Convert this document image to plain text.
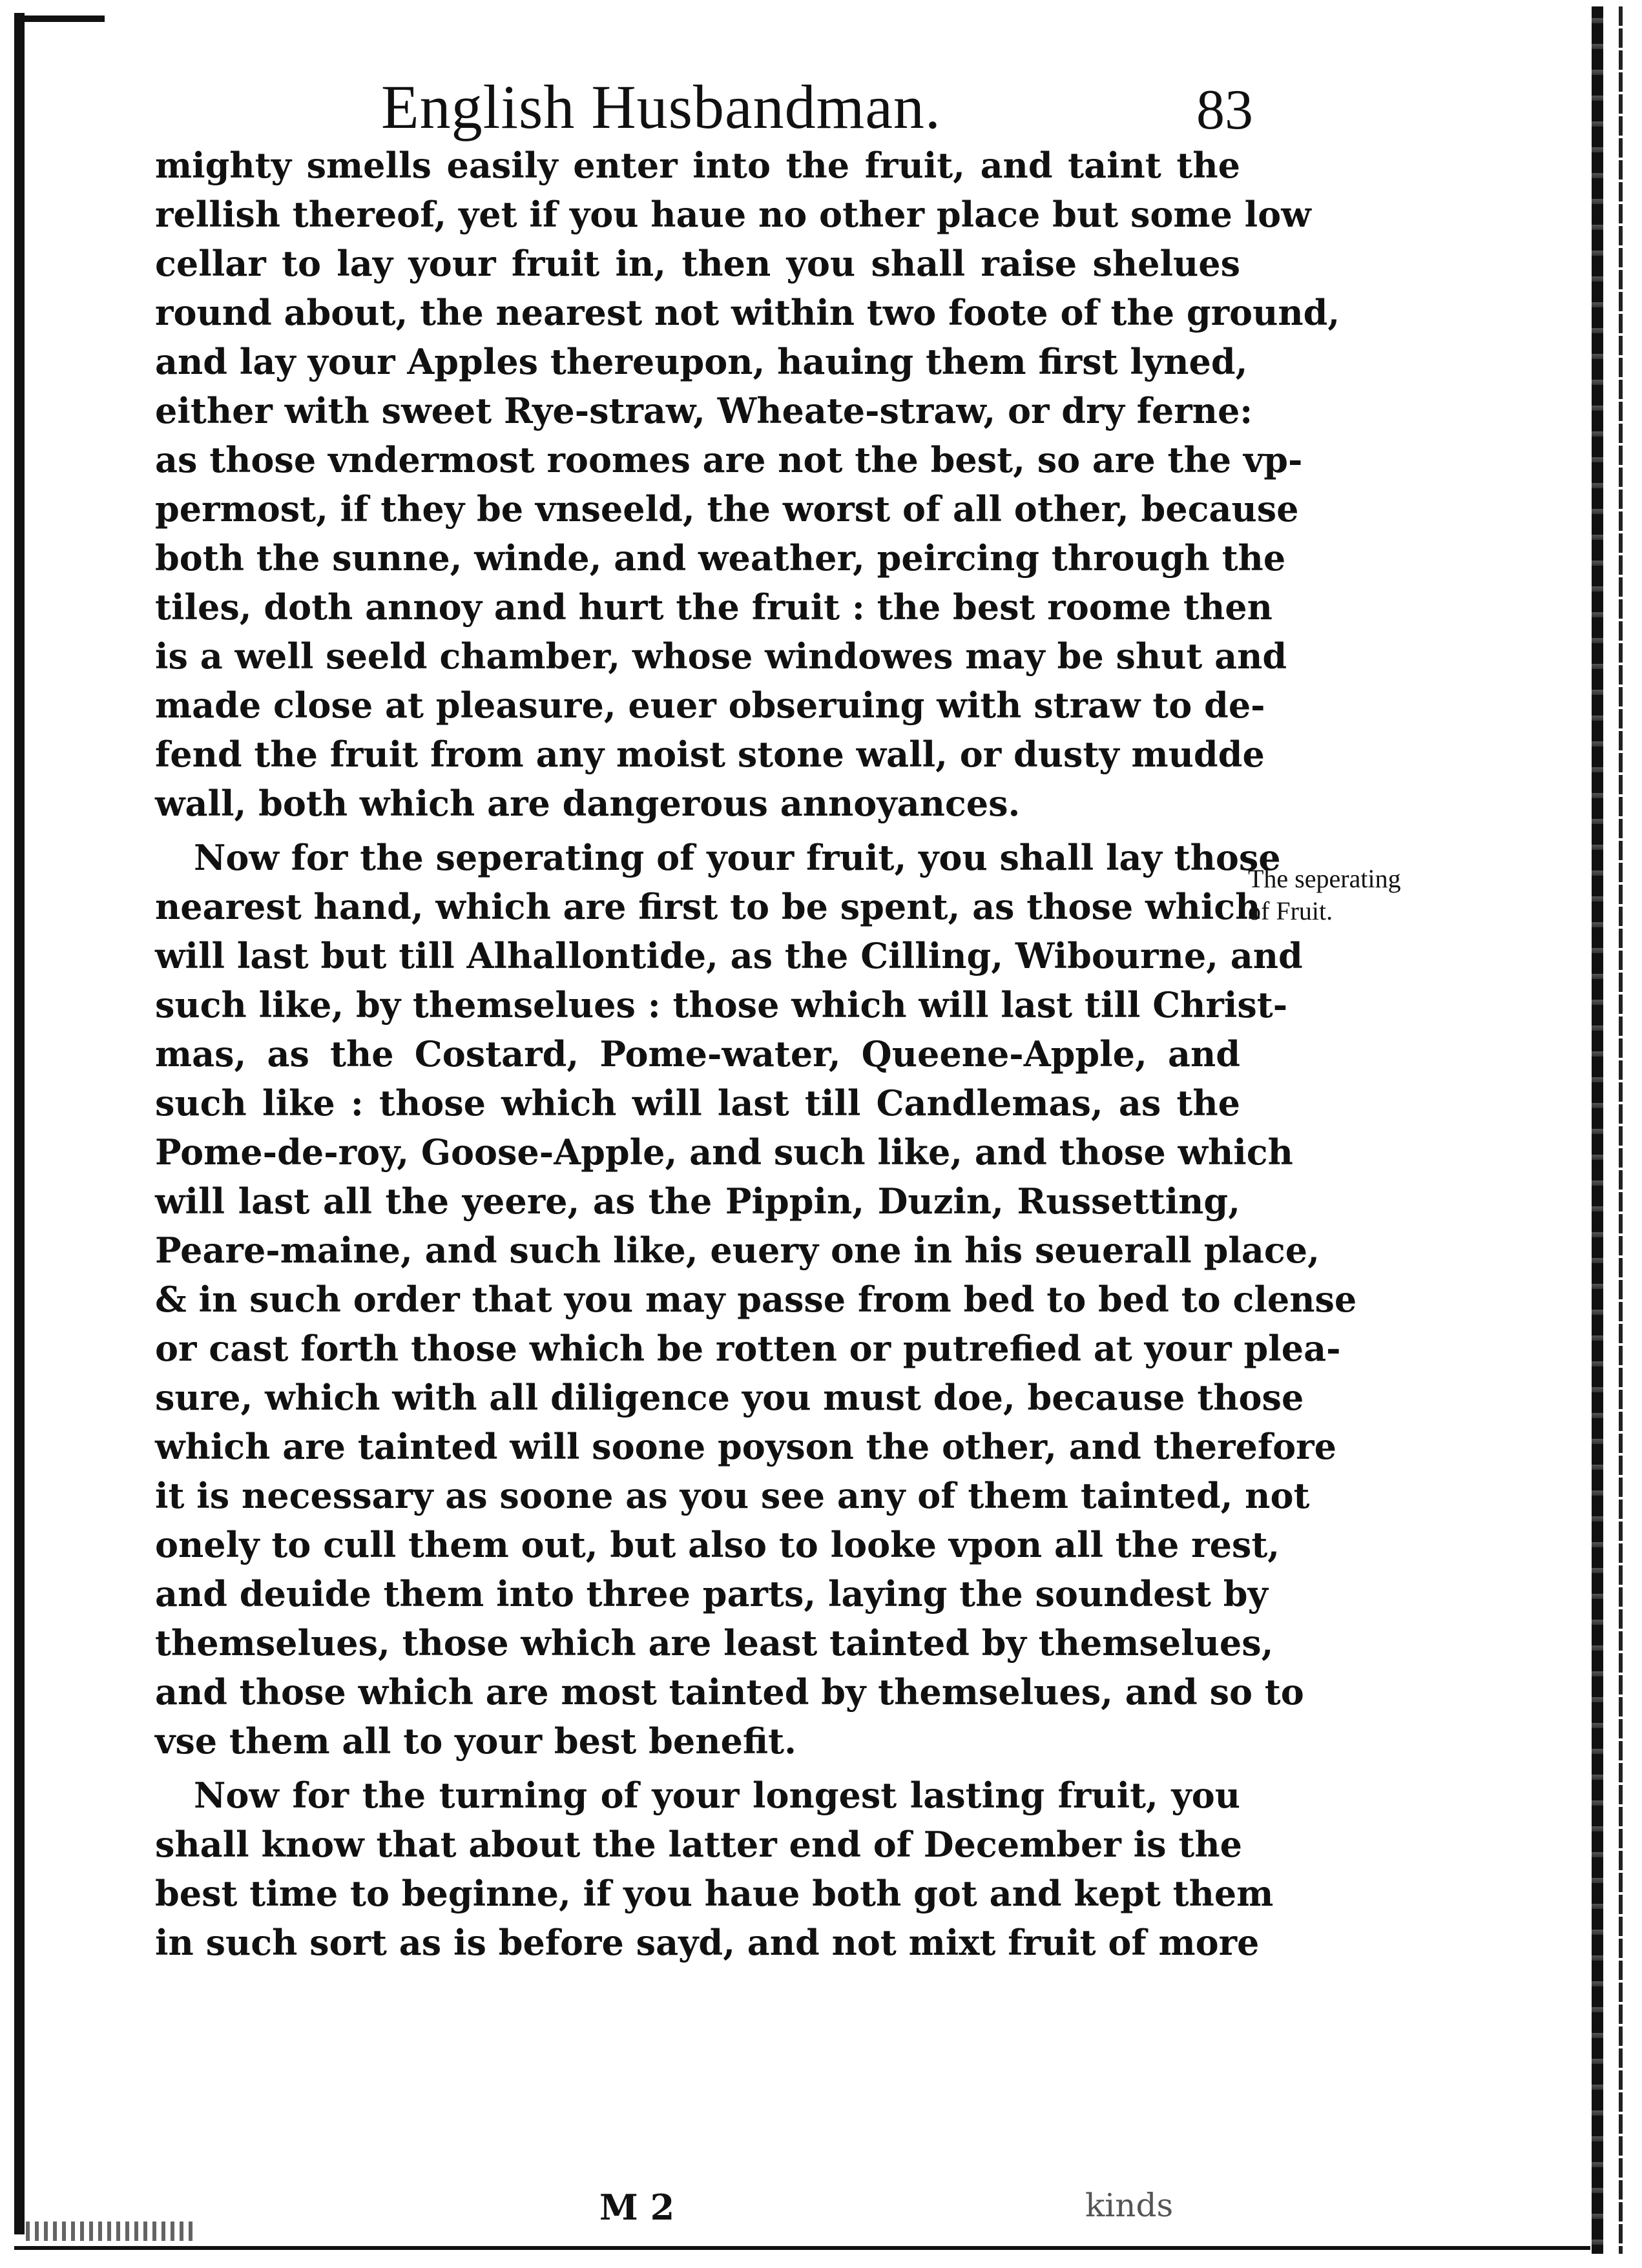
English Husbandman.	83
mighty smells easily enter into the fruit, and taint the
rellish thereof, yet if you haue no other place but some low
cellar to lay your fruit in, then you shall raise shelues
round about, the nearest not within two foote of the ground,
and lay your Apples thereupon, hauing them first lyned,
either with sweet Rye-straw, Wheate-straw, or dry ferne:
as those vndermost roomes are not the best, so are the vp-
permost, if they be vnseeld, the worst of all other, because
both the sunne, winde, and weather, peircing through the
tiles, doth annoy and hurt the fruit : the best roome then
is a well seeld chamber, whose windowes may be shut and
made close at pleasure, euer obseruing with straw to de-
fend the fruit from any moist stone wall, or dusty mudde
wall, both which are dangerous annoyances.
Now for the seperating of your fruit, you shall lay those
nearest hand, which are first to be spent, as those which
will last but till Alhallontide, as the Cilling, Wibourne, and
such like, by themselues : those which will last till Christ-
mas, as the Costard, Pome-water, Queene-Apple, and
such like : those which will last till Candlemas, as the
Pome-de-roy, Goose-Apple, and such like, and those which
will last all the yeere, as the Pippin, Duzin, Russetting,
Peare-maine, and such like, euery one in his seuerall place,
& in such order that you may passe from bed to bed to clense
or cast forth those which be rotten or putrefied at your plea-
sure, which with all diligence you must doe, because those
which are tainted will soone poyson the other, and therefore
it is necessary as soone as you see any of them tainted, not
onely to cull them out, but also to looke vpon all the rest,
and deuide them into three parts, laying the soundest by
themselues, those which are least tainted by themselues,
and those which are most tainted by themselues, and so to
vse them all to your best benefit.
Now for the turning of your longest lasting fruit, you
shall know that about the latter end of December is the
best time to beginne, if you haue both got and kept them
in such sort as is before sayd, and not mixt fruit of more
The seperating
of Fruit.
M 2	kinds
